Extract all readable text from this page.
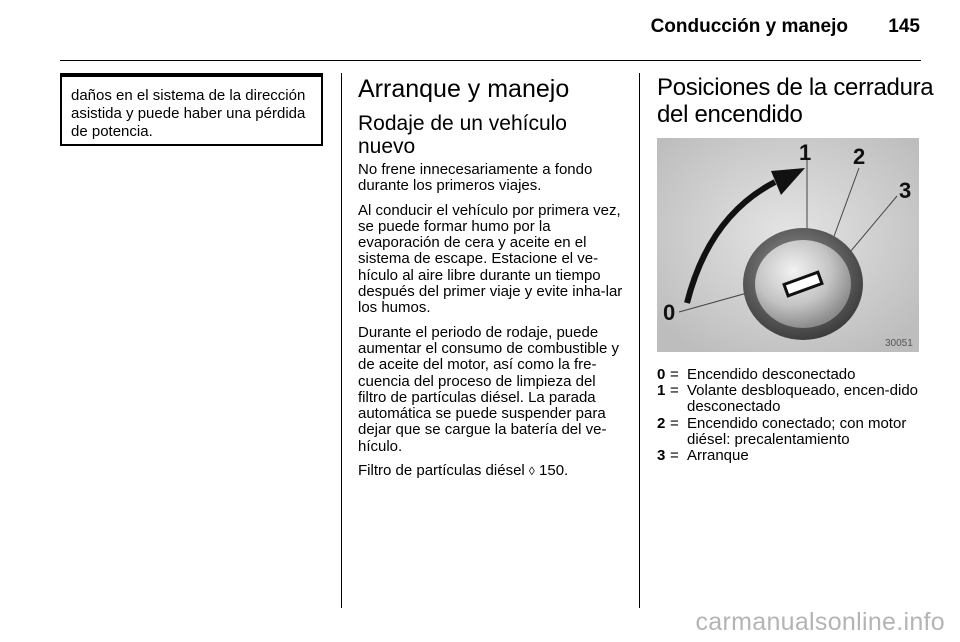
Conducción y manejo	145
daños en el sistema de la dirección asistida y puede haber una pérdida de potencia.
Arranque y manejo
Rodaje de un vehículo nuevo

No frene innecesariamente a fondo durante los primeros viajes.

Al conducir el vehículo por primera vez, se puede formar humo por la evaporación de cera y aceite en el sistema de escape. Estacione el ve-hículo al aire libre durante un tiempo después del primer viaje y evite inha-lar los humos.

Durante el periodo de rodaje, puede aumentar el consumo de combustible y de aceite del motor, así como la fre-cuencia del proceso de limpieza del filtro de partículas diésel. La parada automática se puede suspender para dejar que se cargue la batería del ve-hículo.

Filtro de partículas diésel ◊ 150.

Posiciones de la cerradura
del encendido
1 2
3
0
30051
0 = Encendido desconectado
1 = Volante desbloqueado, encen-dido desconectado
2 = Encendido conectado; con motor diésel: precalentamiento
3 = Arranque
carmanualsonline.info
